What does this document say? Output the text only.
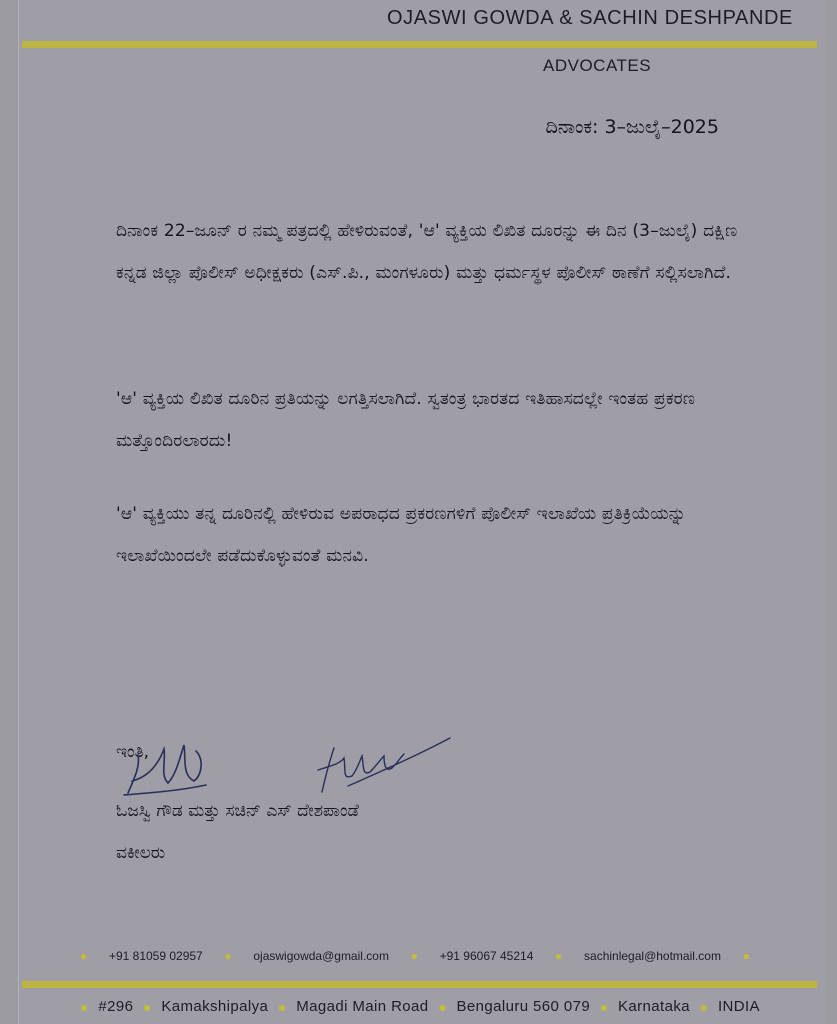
OJASWI GOWDA & SACHIN DESHPANDE
ADVOCATES
ದಿನಾಂಕ: 3–ಜುಲೈ–2025

ದಿನಾಂಕ 22–ಜೂನ್ ರ ನಮ್ಮ ಪತ್ರದಲ್ಲಿ ಹೇಳಿರುವಂತೆ, 'ಆ' ವ್ಯಕ್ತಿಯ ಲಿಖಿತ ದೂರನ್ನು ಈ ದಿನ (3–ಜುಲೈ) ದಕ್ಷಿಣ ಕನ್ನಡ ಜಿಲ್ಲಾ ಪೊಲೀಸ್ ಅಧೀಕ್ಷಕರು (ಎಸ್.ಪಿ., ಮಂಗಳೂರು) ಮತ್ತು ಧರ್ಮಸ್ಥಳ ಪೊಲೀಸ್ ಠಾಣೆಗೆ ಸಲ್ಲಿಸಲಾಗಿದೆ.

'ಆ' ವ್ಯಕ್ತಿಯ ಲಿಖಿತ ದೂರಿನ ಪ್ರತಿಯನ್ನು ಲಗತ್ತಿಸಲಾಗಿದೆ. ಸ್ವತಂತ್ರ ಭಾರತದ ಇತಿಹಾಸದಲ್ಲೇ ಇಂತಹ ಪ್ರಕರಣ ಮತ್ತೊಂದಿರಲಾರದು!

'ಆ' ವ್ಯಕ್ತಿಯು ತನ್ನ ದೂರಿನಲ್ಲಿ ಹೇಳಿರುವ ಅಪರಾಧದ ಪ್ರಕರಣಗಳಿಗೆ ಪೊಲೀಸ್ ಇಲಾಖೆಯ ಪ್ರತಿಕ್ರಿಯೆಯನ್ನು ಇಲಾಖೆಯಿಂದಲೇ ಪಡೆದುಕೊಳ್ಳುವಂತೆ ಮನವಿ.

ಇಂತಿ,
ಓಜಸ್ವಿ ಗೌಡ ಮತ್ತು ಸಚಿನ್ ಎಸ್ ದೇಶಪಾಂಡೆ
ವಕೀಲರು
● +91 81059 02957 ● ojaswigowda@gmail.com ● +91 96067 45214 ● sachinlegal@hotmail.com ●
● #296 ● Kamakshipalya ● Magadi Main Road ● Bengaluru 560 079 ● Karnataka ● INDIA
